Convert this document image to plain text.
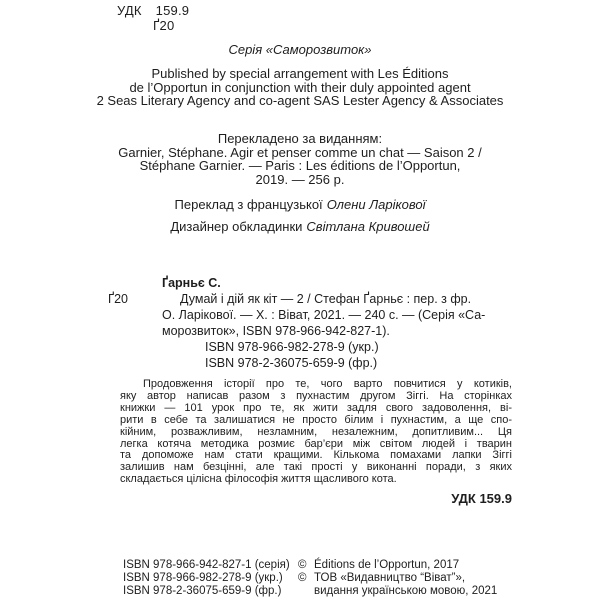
УДК 159.9
Ґ20
Серія «Саморозвиток»
Published by special arrangement with Les Éditions
de l’Opportun in conjunction with their duly appointed agent
2 Seas Literary Agency and co-agent SAS Lester Agency & Associates
Перекладено за виданням:
Garnier, Stéphane. Agir et penser comme un chat — Saison 2 /
Stéphane Garnier. — Paris : Les éditions de l’Opportun,
2019. — 256 p.
Переклад з французької Олени Ларікової
Дизайнер обкладинки Світлана Кривошей
Ґарньє С.
Ґ20	Думай і дій як кіт — 2 / Стефан Ґарньє : пер. з фр.
О. Ларікової. — Х. : Віват, 2021. — 240 с. — (Серія «Са-
морозвиток», ISBN 978-966-942-827-1).
ISBN 978-966-982-278-9 (укр.)
ISBN 978-2-36075-659-9 (фр.)
Продовження історії про те, чого варто повчитися у котиків,
яку автор написав разом з пухнастим другом Зіггі. На сторінках
книжки — 101 урок про те, як жити задля свого задоволення, ві-
рити в себе та залишатися не просто білим і пухнастим, а ще спо-
кійним, розважливим, незламним, незалежним, допитливим... Ця
легка котяча методика розмиє бар’єри між світом людей і тварин
та допоможе нам стати кращими. Кількома помахами лапки Зіггі
залишив нам безцінні, але такі прості у виконанні поради, з яких
складається цілісна філософія життя щасливого кота.
УДК 159.9
ISBN 978-966-942-827-1 (серія)
ISBN 978-966-982-278-9 (укр.)
ISBN 978-2-36075-659-9 (фр.)
© Éditions de l’Opportun, 2017
© ТОВ «Видавництво “Віват”»,
видання українською мовою, 2021
